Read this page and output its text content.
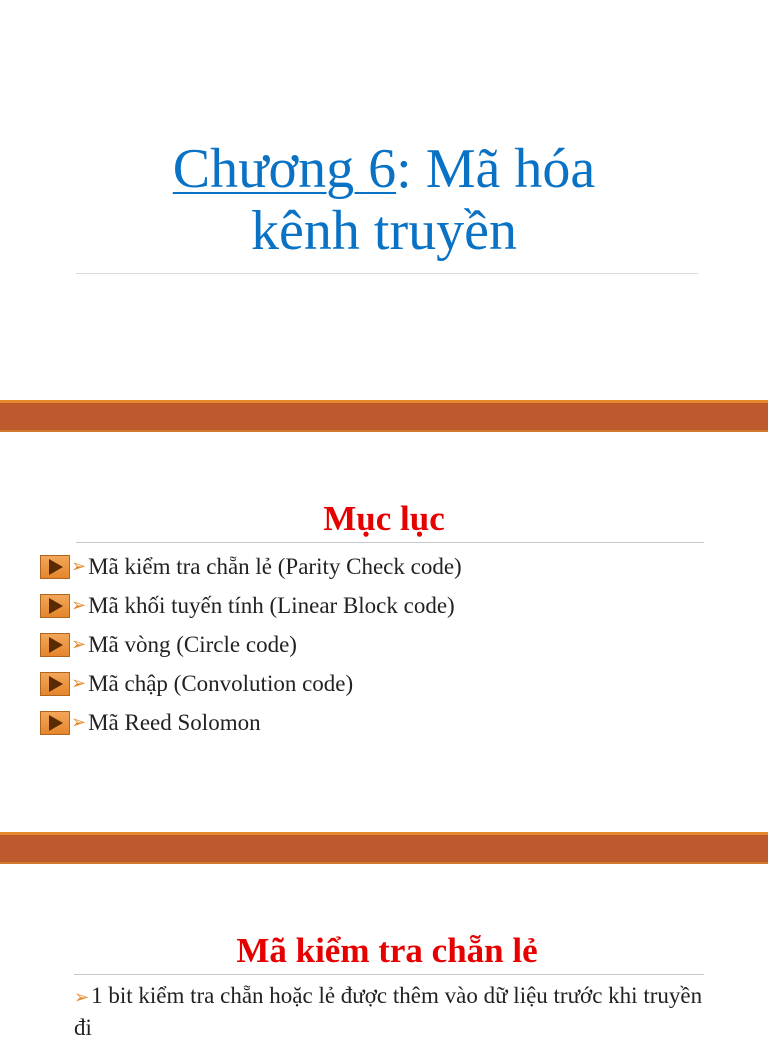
Chương 6: Mã hóa
kênh truyền
Mục lục
➢ Mã kiểm tra chẵn lẻ (Parity Check code)
➢ Mã khối tuyến tính (Linear Block code)
➢ Mã vòng (Circle code)
➢ Mã chập (Convolution code)
➢ Mã Reed Solomon
Mã kiểm tra chẵn lẻ
➢1 bit kiểm tra chẵn hoặc lẻ được thêm vào dữ liệu trước khi truyền đi
